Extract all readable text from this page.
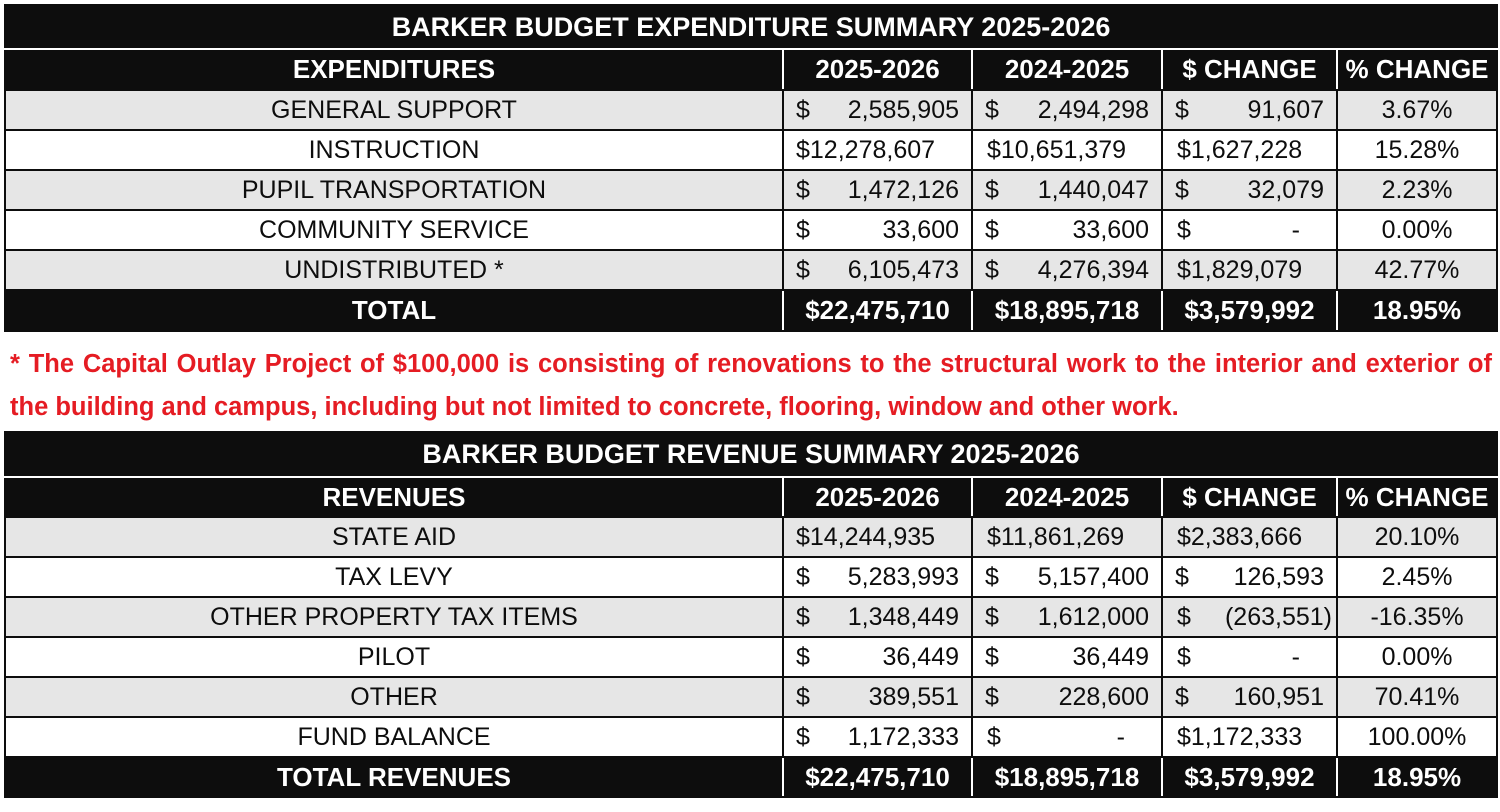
BARKER BUDGET EXPENDITURE SUMMARY 2025-2026				
EXPENDITURES	2025-2026	2024-2025	$ CHANGE	% CHANGE
GENERAL SUPPORT	$ 2,585,905	$ 2,494,298	$ 91,607	3.67%
INSTRUCTION	$ 12,278,607	$ 10,651,379	$ 1,627,228	15.28%
PUPIL TRANSPORTATION	$ 1,472,126	$ 1,440,047	$ 32,079	2.23%
COMMUNITY SERVICE	$ 33,600	$ 33,600	$ -	0.00%
UNDISTRIBUTED *	$ 6,105,473	$ 4,276,394	$ 1,829,079	42.77%
TOTAL	$22,475,710	$18,895,718	$3,579,992	18.95%

* The Capital Outlay Project of $100,000 is consisting of renovations to the structural work to the interior and exterior of the building and campus, including but not limited to concrete, flooring, window and other work.

BARKER BUDGET REVENUE SUMMARY 2025-2026				
REVENUES	2025-2026	2024-2025	$ CHANGE	% CHANGE
STATE AID	$ 14,244,935	$ 11,861,269	$ 2,383,666	20.10%
TAX LEVY	$ 5,283,993	$ 5,157,400	$ 126,593	2.45%
OTHER PROPERTY TAX ITEMS	$ 1,348,449	$ 1,612,000	$ (263,551)	-16.35%
PILOT	$ 36,449	$ 36,449	$ -	0.00%
OTHER	$ 389,551	$ 228,600	$ 160,951	70.41%
FUND BALANCE	$ 1,172,333	$ -	$ 1,172,333	100.00%
TOTAL REVENUES	$22,475,710	$18,895,718	$3,579,992	18.95%
